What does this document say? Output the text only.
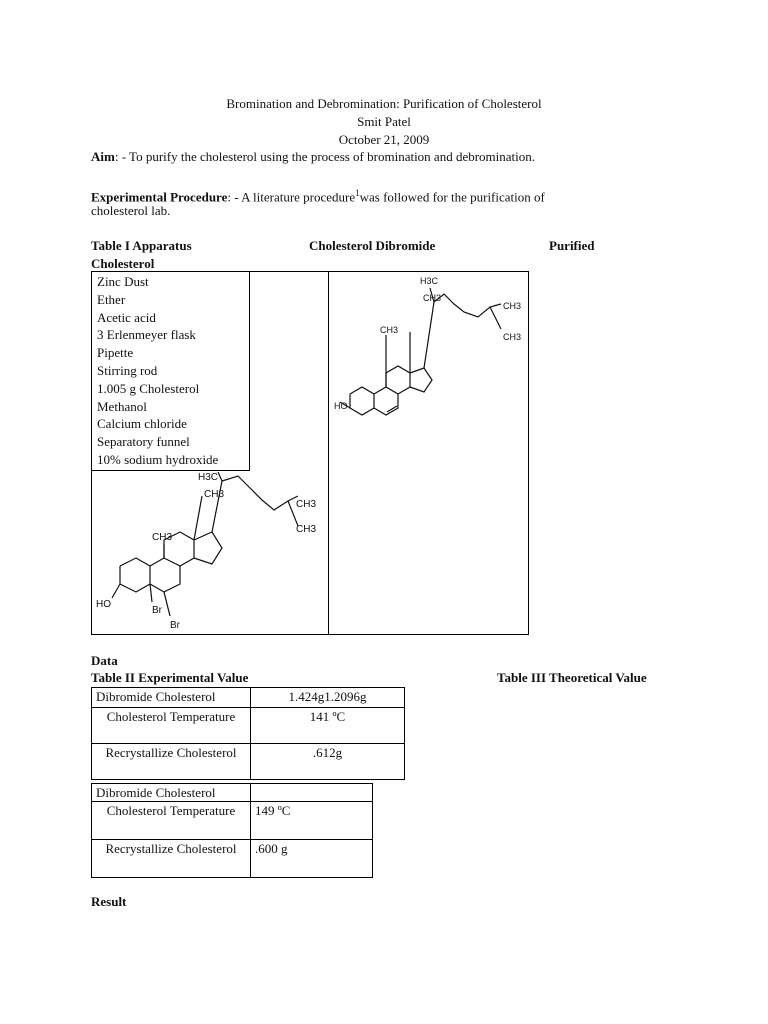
Bromination and Debromination: Purification of Cholesterol
Smit Patel
October 21, 2009
Aim: - To purify the cholesterol using the process of bromination and debromination.
Experimental Procedure: - A literature procedure$^1$was followed for the purification of
cholesterol lab.
Table I Apparatus	Cholesterol Dibromide	Purified
Cholesterol
Zinc Dust
Ether
Acetic acid
3 Erlenmeyer flask
Pipette
Stirring rod
1.005 g Cholesterol
Methanol
Calcium chloride
Separatory funnel
10% sodium hydroxide
H3C
CH3
CH3
CH3
CH3
HO
H3C
CH3
CH3
CH3
CH3
HO
Br
Br
Data
Table II Experimental Value	Table III Theoretical Value
Dibromide Cholesterol	1.424g1.2096g
Cholesterol Temperature	141 ºC
Recrystallize Cholesterol	.612g
Dibromide Cholesterol	
Cholesterol Temperature	149 ºC
Recrystallize Cholesterol	.600 g
Result
